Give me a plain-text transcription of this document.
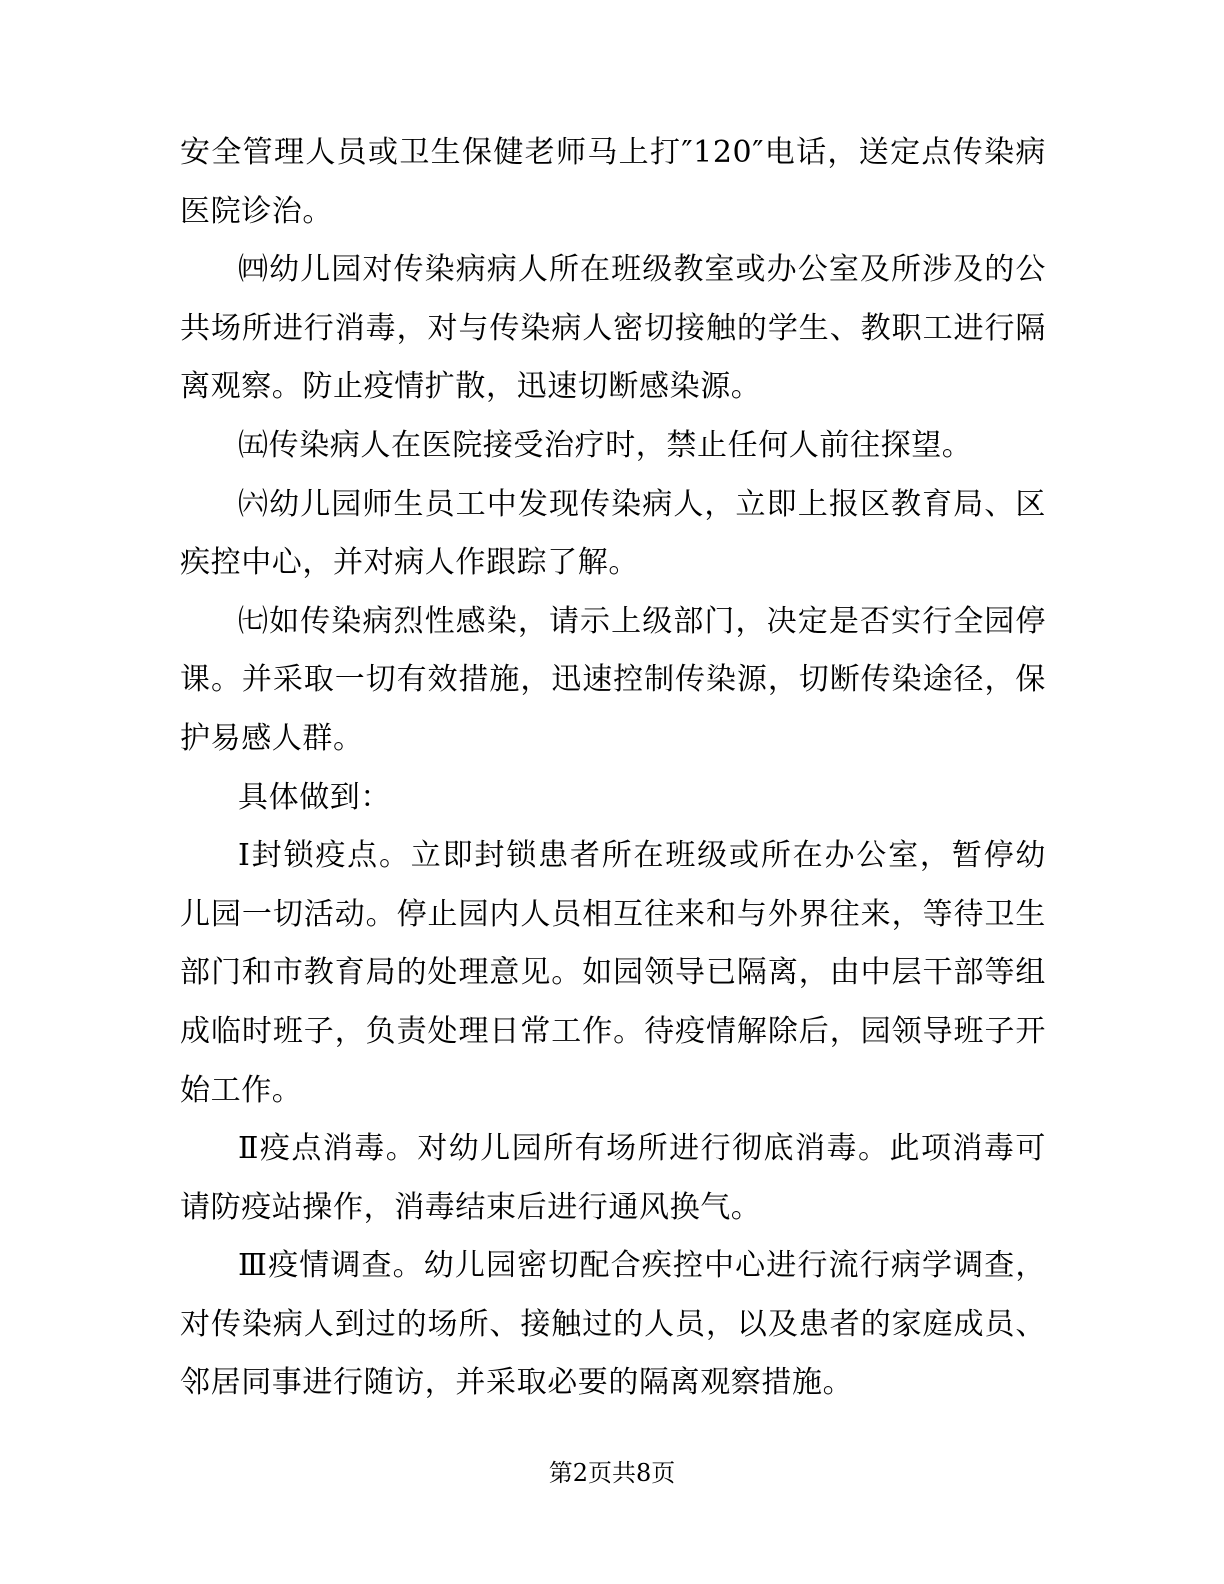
安全管理人员或卫生保健老师马上打″120″电话，送定点传染病医院诊治。

㈣幼儿园对传染病病人所在班级教室或办公室及所涉及的公共场所进行消毒，对与传染病人密切接触的学生、教职工进行隔离观察。防止疫情扩散，迅速切断感染源。

㈤传染病人在医院接受治疗时，禁止任何人前往探望。

㈥幼儿园师生员工中发现传染病人，立即上报区教育局、区疾控中心，并对病人作跟踪了解。

㈦如传染病烈性感染，请示上级部门，决定是否实行全园停课。并采取一切有效措施，迅速控制传染源，切断传染途径，保护易感人群。

具体做到：

Ⅰ封锁疫点。立即封锁患者所在班级或所在办公室，暂停幼儿园一切活动。停止园内人员相互往来和与外界往来，等待卫生部门和市教育局的处理意见。如园领导已隔离，由中层干部等组成临时班子，负责处理日常工作。待疫情解除后，园领导班子开始工作。

Ⅱ疫点消毒。对幼儿园所有场所进行彻底消毒。此项消毒可请防疫站操作，消毒结束后进行通风换气。

Ⅲ疫情调查。幼儿园密切配合疾控中心进行流行病学调查，对传染病人到过的场所、接触过的人员，以及患者的家庭成员、邻居同事进行随访，并采取必要的隔离观察措施。

第2页共8页
